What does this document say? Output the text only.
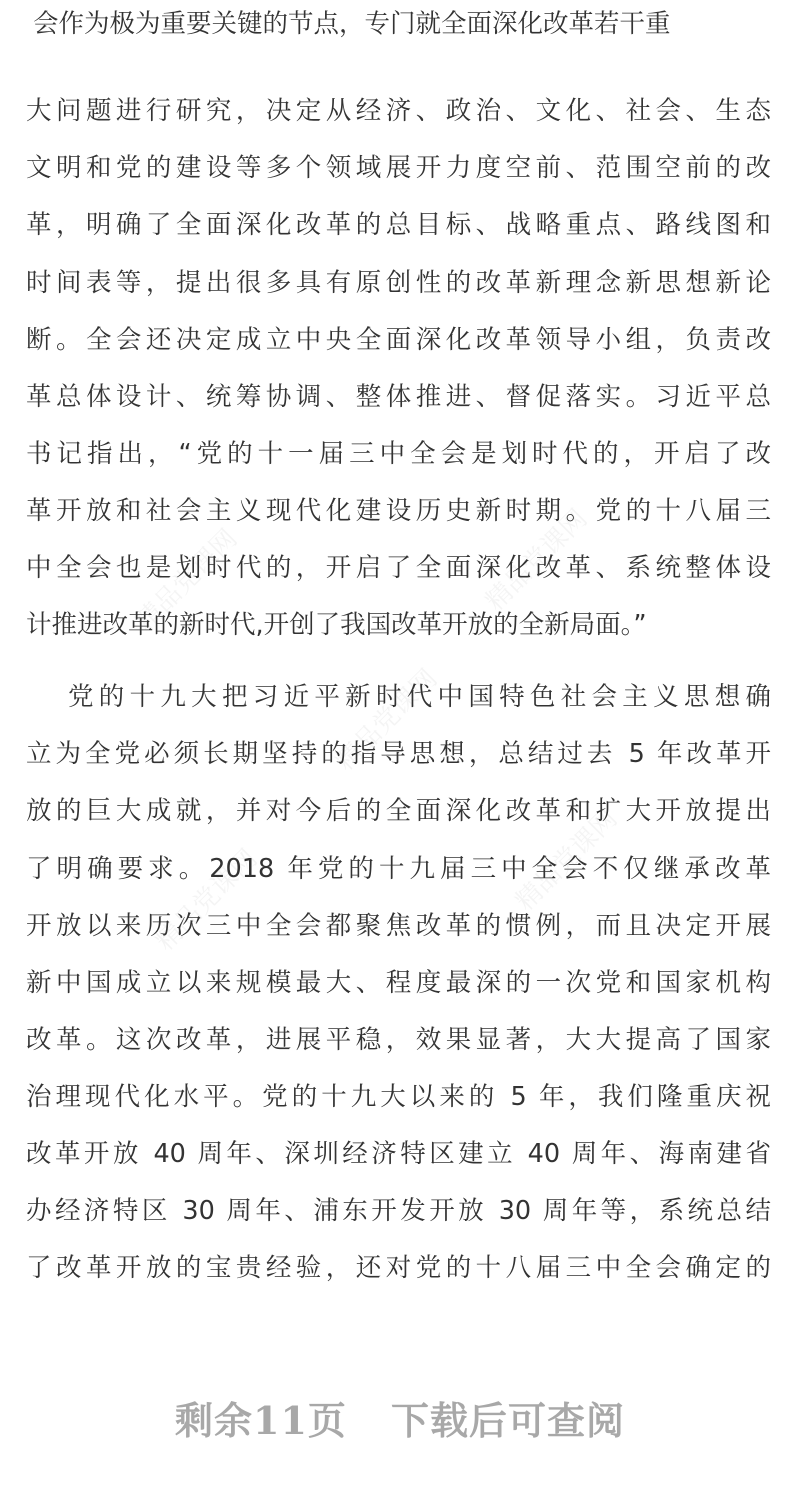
精品党课网	精品党课网
精品党课网
精品党课网	精品党课网
会作为极为重要关键的节点，专门就全面深化改革若干重
大问题进行研究，决定从经济、政治、文化、社会、生态
文明和党的建设等多个领域展开力度空前、范围空前的改
革，明确了全面深化改革的总目标、战略重点、路线图和
时间表等，提出很多具有原创性的改革新理念新思想新论
断。全会还决定成立中央全面深化改革领导小组，负责改
革总体设计、统筹协调、整体推进、督促落实。习近平总
书记指出，“党的十一届三中全会是划时代的，开启了改
革开放和社会主义现代化建设历史新时期。党的十八届三
中全会也是划时代的，开启了全面深化改革、系统整体设
计推进改革的新时代,开创了我国改革开放的全新局面。”
党的十九大把习近平新时代中国特色社会主义思想确
立为全党必须长期坚持的指导思想，总结过去 5 年改革开
放的巨大成就，并对今后的全面深化改革和扩大开放提出
了明确要求。2018 年党的十九届三中全会不仅继承改革
开放以来历次三中全会都聚焦改革的惯例，而且决定开展
新中国成立以来规模最大、程度最深的一次党和国家机构
改革。这次改革，进展平稳，效果显著，大大提高了国家
治理现代化水平。党的十九大以来的 5 年，我们隆重庆祝
改革开放 40 周年、深圳经济特区建立 40 周年、海南建省
办经济特区 30 周年、浦东开发开放 30 周年等，系统总结
了改革开放的宝贵经验，还对党的十八届三中全会确定的
剩余11页 下载后可查阅
